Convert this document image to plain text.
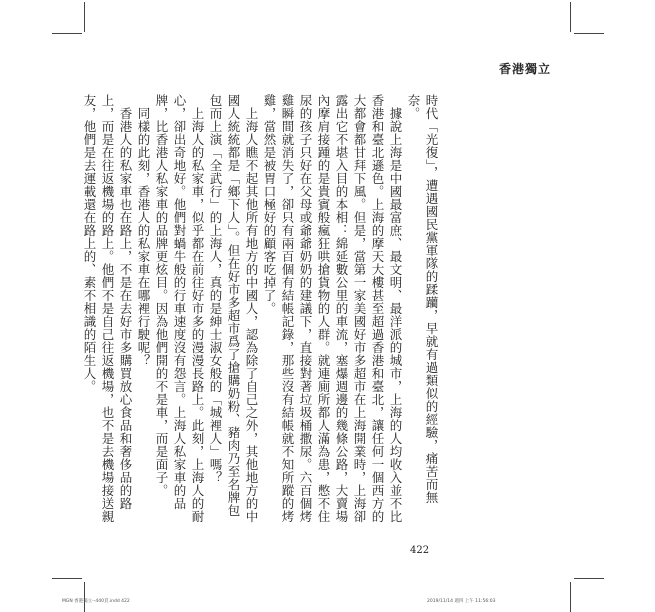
香港獨立

時代「光復」，遭遇國民黨軍隊的蹂躪，早就有過類似的經驗，痛苦而無奈。

據說上海是中國最富庶、最文明、最洋派的城市，上海的人均收入並不比香港和臺北遜色。上海的摩天大樓甚至超過香港和臺北，讓任何一個西方的大都會都甘拜下風。但是，當第一家美國好市多超市在上海開業時，上海卻露出它不堪入目的本相：綿延數公里的車流，塞爆週邊的幾條公路，大賣場內摩肩接踵的是貴賓般瘋狂哄搶貨物的人群。就連廁所都人滿為患，憋不住尿的孩子只好在父母或爺爺奶奶的建議下，直接對著垃圾桶撒尿。六百個烤雞瞬間就消失了，卻只有兩百個有結帳記錄，那些沒有結帳就不知所蹤的烤雞，當然是被胃口極好的顧客吃掉了。

上海人瞧不起其他所有地方的中國人，認為除了自己之外，其他地方的中國人統統都是「鄉下人」。但在好市多超市爲了搶購奶粉、豬肉乃至名牌包包而上演「全武行」的上海人，真的是紳士淑女般的「城裡人」嗎？

上海人的私家車，似乎都在前往好市多的漫漫長路上。此刻，上海人的耐心，卻出奇地好。他們對蝸牛般的行車速度沒有怨言。上海人私家車的品牌，比香港人私家車的品牌更炫目。因為他們開的不是車，而是面子。

同樣的此刻，香港人的私家車在哪裡行駛呢？

香港人的私家車也在路上，不是在去好市多購買放心食品和奢侈品的路上，而是在往返機場的路上。他們不是自己往返機場，也不是去機場接送親友，他們是去運載還在路上的、素不相識的陌生人。

422
MGN 香港獨立--440頁.indd 422	2019/11/14 週四 上午 11:56:03
